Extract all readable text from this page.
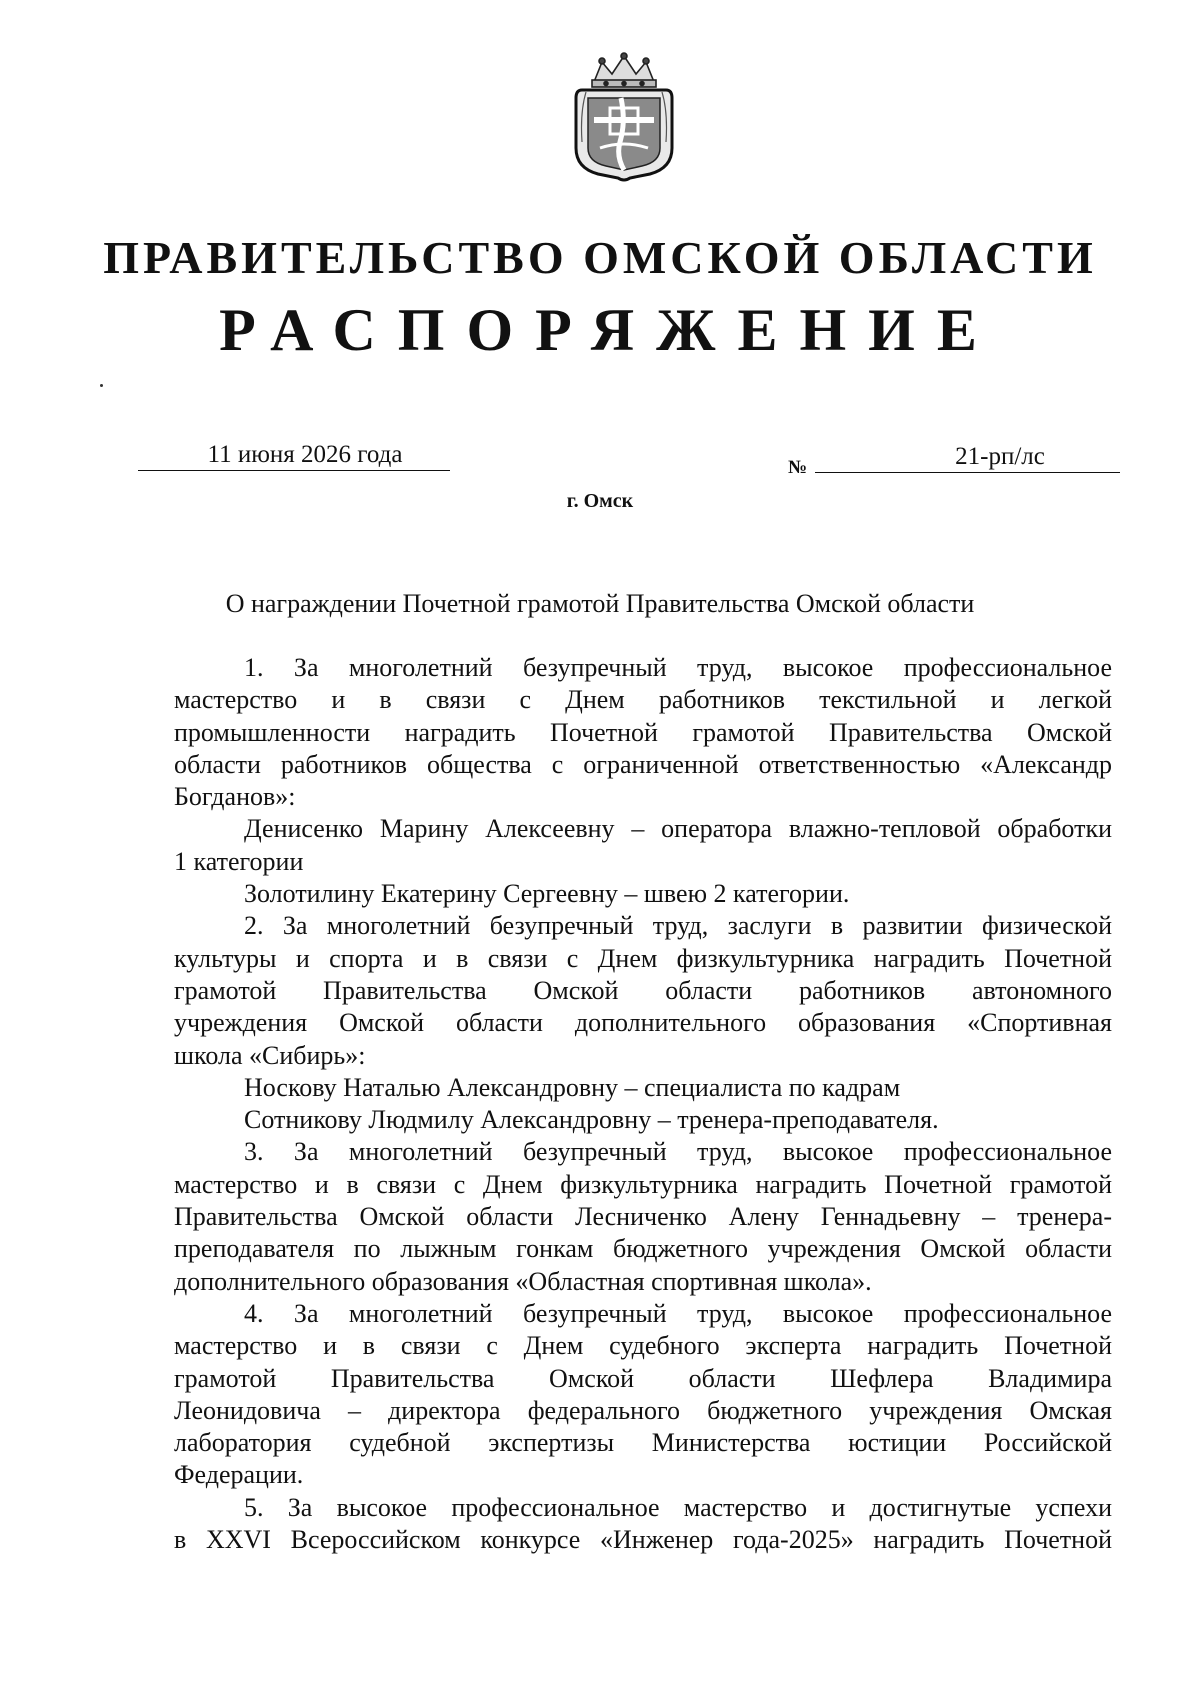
ПРАВИТЕЛЬСТВО ОМСКОЙ ОБЛАСТИ
РАСПОРЯЖЕНИЕ
11 июня 2026 года	№	21-рп/лс
г. Омск
О награждении Почетной грамотой Правительства Омской области

1. За многолетний безупречный труд, высокое профессиональное

мастерство и в связи с Днем работников текстильной и легкой

промышленности наградить Почетной грамотой Правительства Омской

области работников общества с ограниченной ответственностью «Александр

Богданов»:

Денисенко Марину Алексеевну – оператора влажно-тепловой обработки

1 категории

Золотилину Екатерину Сергеевну – швею 2 категории.

2. За многолетний безупречный труд, заслуги в развитии физической

культуры и спорта и в связи с Днем физкультурника наградить Почетной

грамотой Правительства Омской области работников автономного

учреждения Омской области дополнительного образования «Спортивная

школа «Сибирь»:

Носкову Наталью Александровну – специалиста по кадрам

Сотникову Людмилу Александровну – тренера-преподавателя.

3. За многолетний безупречный труд, высокое профессиональное

мастерство и в связи с Днем физкультурника наградить Почетной грамотой

Правительства Омской области Лесниченко Алену Геннадьевну – тренера-

преподавателя по лыжным гонкам бюджетного учреждения Омской области

дополнительного образования «Областная спортивная школа».

4. За многолетний безупречный труд, высокое профессиональное

мастерство и в связи с Днем судебного эксперта наградить Почетной

грамотой Правительства Омской области Шефлера Владимира

Леонидовича – директора федерального бюджетного учреждения Омская

лаборатория судебной экспертизы Министерства юстиции Российской

Федерации.

5. За высокое профессиональное мастерство и достигнутые успехи

в XXVI Всероссийском конкурсе «Инженер года-2025» наградить Почетной
